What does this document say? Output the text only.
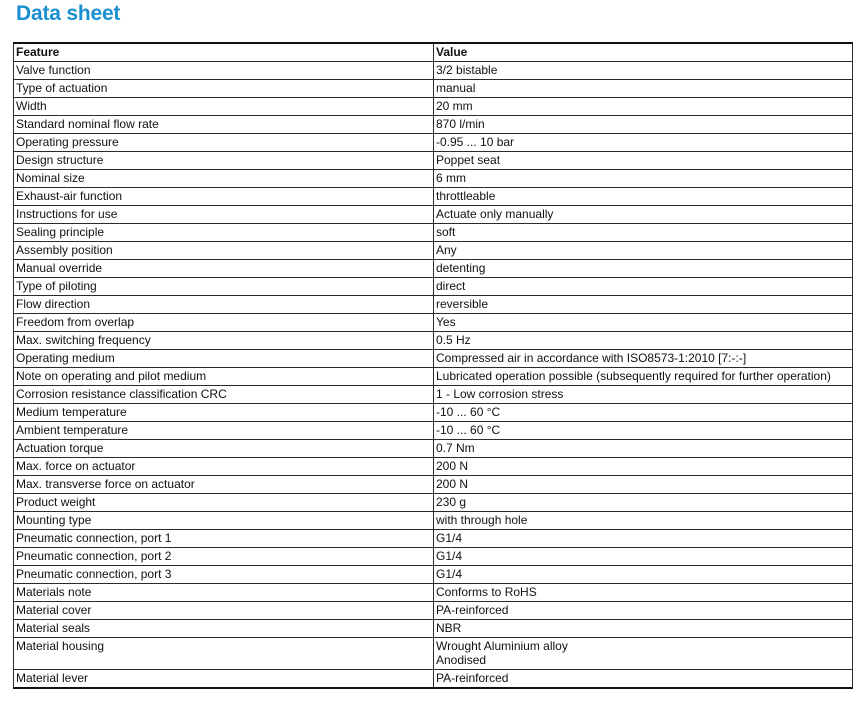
Data sheet
Feature	Value
Valve function	3/2 bistable

Type of actuation	manual

Width	20 mm

Standard nominal flow rate	870 l/min

Operating pressure	-0.95 ... 10 bar

Design structure	Poppet seat

Nominal size	6 mm

Exhaust-air function	throttleable

Instructions for use	Actuate only manually

Sealing principle	soft

Assembly position	Any

Manual override	detenting

Type of piloting	direct

Flow direction	reversible

Freedom from overlap	Yes

Max. switching frequency	0.5 Hz

Operating medium	Compressed air in accordance with ISO8573-1:2010 [7:-:-]

Note on operating and pilot medium	Lubricated operation possible (subsequently required for further operation)

Corrosion resistance classification CRC	1 - Low corrosion stress

Medium temperature	-10 ... 60 °C

Ambient temperature	-10 ... 60 °C

Actuation torque	0.7 Nm

Max. force on actuator	200 N

Max. transverse force on actuator	200 N

Product weight	230 g

Mounting type	with through hole

Pneumatic connection, port 1	G1/4

Pneumatic connection, port 2	G1/4

Pneumatic connection, port 3	G1/4

Materials note	Conforms to RoHS

Material cover	PA-reinforced

Material seals	NBR

Material housing	Wrought Aluminium alloy
Anodised

Material lever	PA-reinforced
